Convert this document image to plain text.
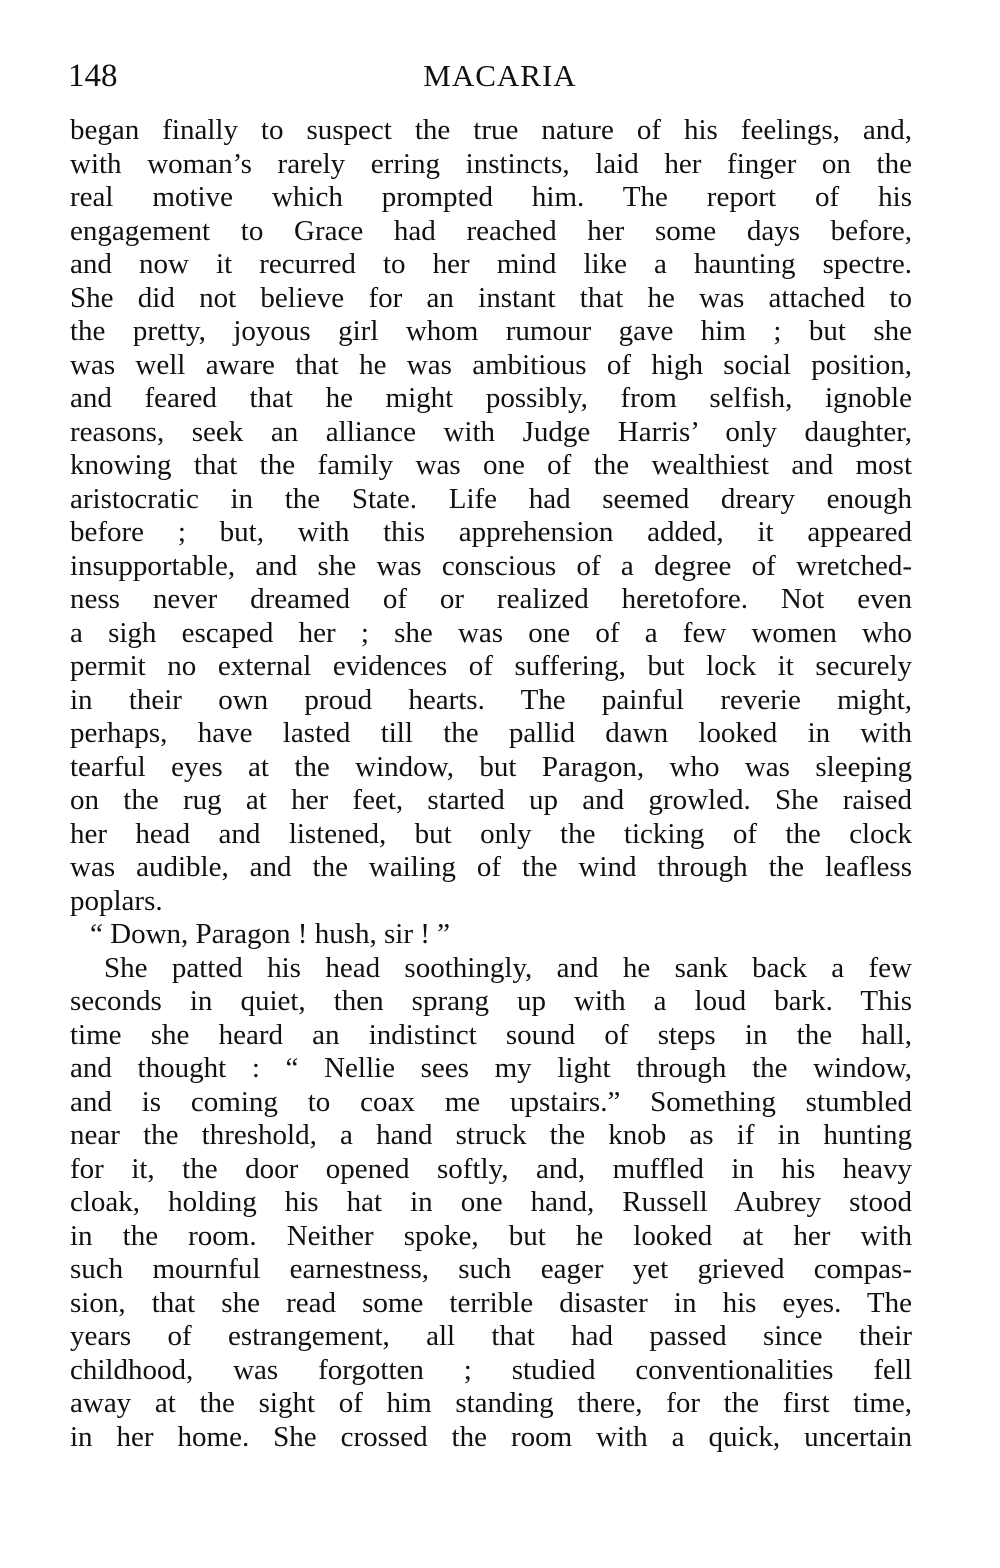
148	MACARIA
began finally to suspect the true nature of his feelings, and,
with woman’s rarely erring instincts, laid her finger on the
real motive which prompted him. The report of his
engagement to Grace had reached her some days before,
and now it recurred to her mind like a haunting spectre.
She did not believe for an instant that he was attached to
the pretty, joyous girl whom rumour gave him ; but she
was well aware that he was ambitious of high social position,
and feared that he might possibly, from selfish, ignoble
reasons, seek an alliance with Judge Harris’ only daughter,
knowing that the family was one of the wealthiest and most
aristocratic in the State. Life had seemed dreary enough
before ; but, with this apprehension added, it appeared
insupportable, and she was conscious of a degree of wretched-
ness never dreamed of or realized heretofore. Not even
a sigh escaped her ; she was one of a few women who
permit no external evidences of suffering, but lock it securely
in their own proud hearts. The painful reverie might,
perhaps, have lasted till the pallid dawn looked in with
tearful eyes at the window, but Paragon, who was sleeping
on the rug at her feet, started up and growled. She raised
her head and listened, but only the ticking of the clock
was audible, and the wailing of the wind through the leafless
poplars.
“ Down, Paragon ! hush, sir ! ”
She patted his head soothingly, and he sank back a few
seconds in quiet, then sprang up with a loud bark. This
time she heard an indistinct sound of steps in the hall,
and thought : “ Nellie sees my light through the window,
and is coming to coax me upstairs.” Something stumbled
near the threshold, a hand struck the knob as if in hunting
for it, the door opened softly, and, muffled in his heavy
cloak, holding his hat in one hand, Russell Aubrey stood
in the room. Neither spoke, but he looked at her with
such mournful earnestness, such eager yet grieved compas-
sion, that she read some terrible disaster in his eyes. The
years of estrangement, all that had passed since their
childhood, was forgotten ; studied conventionalities fell
away at the sight of him standing there, for the first time,
in her home. She crossed the room with a quick, uncertain
